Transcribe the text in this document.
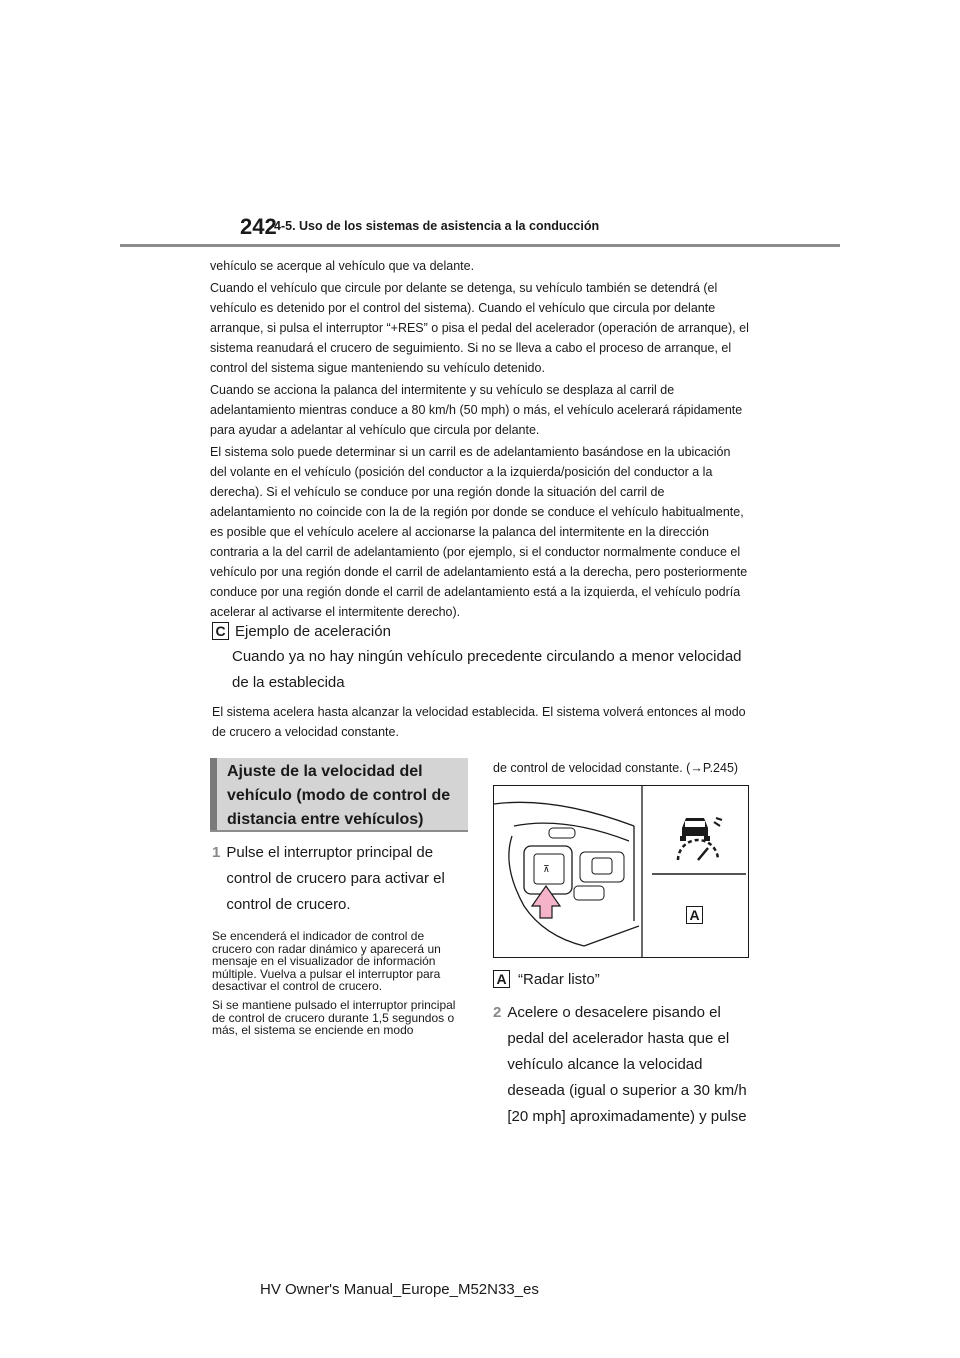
242
4-5. Uso de los sistemas de asistencia a la conducción

vehículo se acerque al vehículo que va delante.

Cuando el vehículo que circule por delante se detenga, su vehículo también se detendrá (el vehículo es detenido por el control del sistema). Cuando el vehículo que circula por delante arranque, si pulsa el interruptor “+RES” o pisa el pedal del acelerador (operación de arranque), el sistema reanudará el crucero de seguimiento. Si no se lleva a cabo el proceso de arranque, el control del sistema sigue manteniendo su vehículo detenido.

Cuando se acciona la palanca del intermitente y su vehículo se desplaza al carril de adelantamiento mientras conduce a 80 km/h (50 mph) o más, el vehículo acelerará rápidamente para ayudar a adelantar al vehículo que circula por delante.

El sistema solo puede determinar si un carril es de adelantamiento basándose en la ubicación del volante en el vehículo (posición del conductor a la izquierda/posición del conductor a la derecha). Si el vehículo se conduce por una región donde la situación del carril de adelantamiento no coincide con la de la región por donde se conduce el vehículo habitualmente, es posible que el vehículo acelere al accionarse la palanca del intermitente en la dirección contraria a la del carril de adelantamiento (por ejemplo, si el conductor normalmente conduce el vehículo por una región donde el carril de adelantamiento está a la derecha, pero posteriormente conduce por una región donde el carril de adelantamiento está a la izquierda, el vehículo podría acelerar al activarse el intermitente derecho).

C Ejemplo de aceleración

Cuando ya no hay ningún vehículo precedente circulando a menor velocidad de la establecida

El sistema acelera hasta alcanzar la velocidad establecida. El sistema volverá entonces al modo de crucero a velocidad constante.

Ajuste de la velocidad del vehículo (modo de control de distancia entre vehículos)
1 Pulse el interruptor principal de control de crucero para activar el control de crucero.

Se encenderá el indicador de control de crucero con radar dinámico y aparecerá un mensaje en el visualizador de información múltiple. Vuelva a pulsar el interruptor para desactivar el control de crucero.

Si se mantiene pulsado el interruptor principal de control de crucero durante 1,5 segundos o más, el sistema se enciende en modo

de control de velocidad constante. (→P.245)
⊼
A
A “Radar listo”
2 Acelere o desacelere pisando el pedal del acelerador hasta que el vehículo alcance la velocidad deseada (igual o superior a 30 km/h [20 mph] aproximadamente) y pulse

HV Owner's Manual_Europe_M52N33_es
